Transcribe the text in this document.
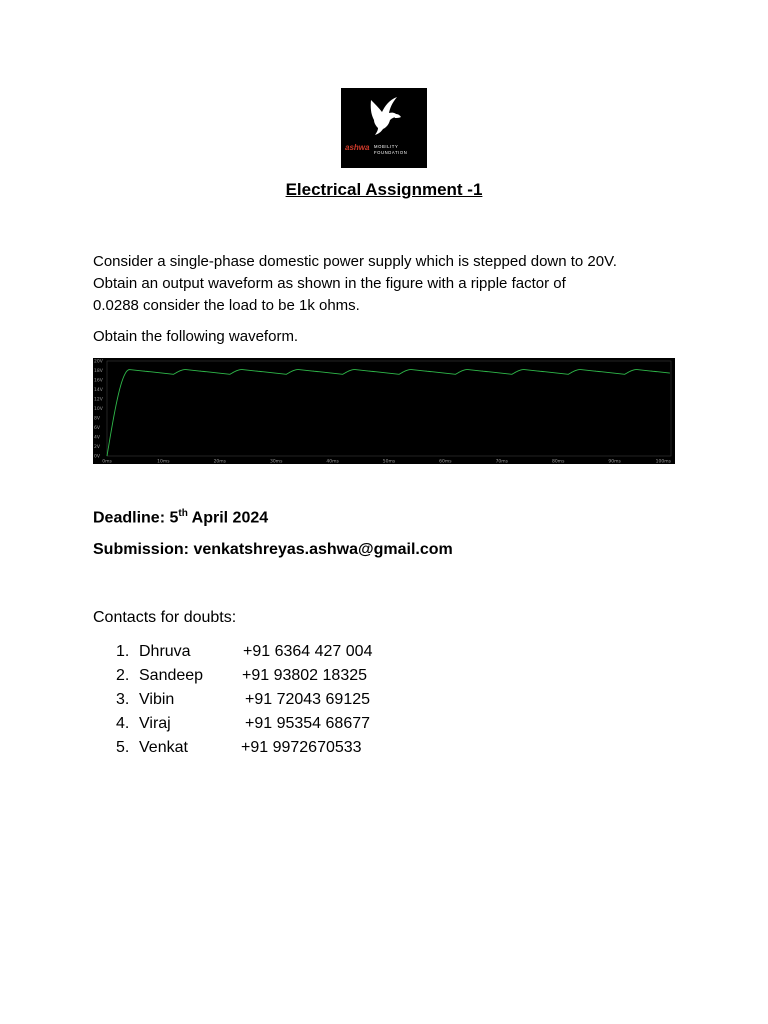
ashwa MOBILITY
FOUNDATION
Electrical Assignment -1
Consider a single-phase domestic power supply which is stepped down to 20V.
Obtain an output waveform as shown in the figure with a ripple factor of
0.0288 consider the load to be 1k ohms.
Obtain the following waveform.
20V
18V
16V
14V
12V
10V
8V
6V
4V
2V
0V
0ms	10ms	20ms	30ms	40ms	50ms	60ms	70ms	80ms	90ms	100ms
Deadline: 5th April 2024
Submission: venkatshreyas.ashwa@gmail.com
Contacts for doubts:
1. Dhruva	+91 6364 427 004
2. Sandeep +91 93802 18325
3. Vibin	+91 72043 69125
4. Viraj	+91 95354 68677
5. Venkat	+91 9972670533
